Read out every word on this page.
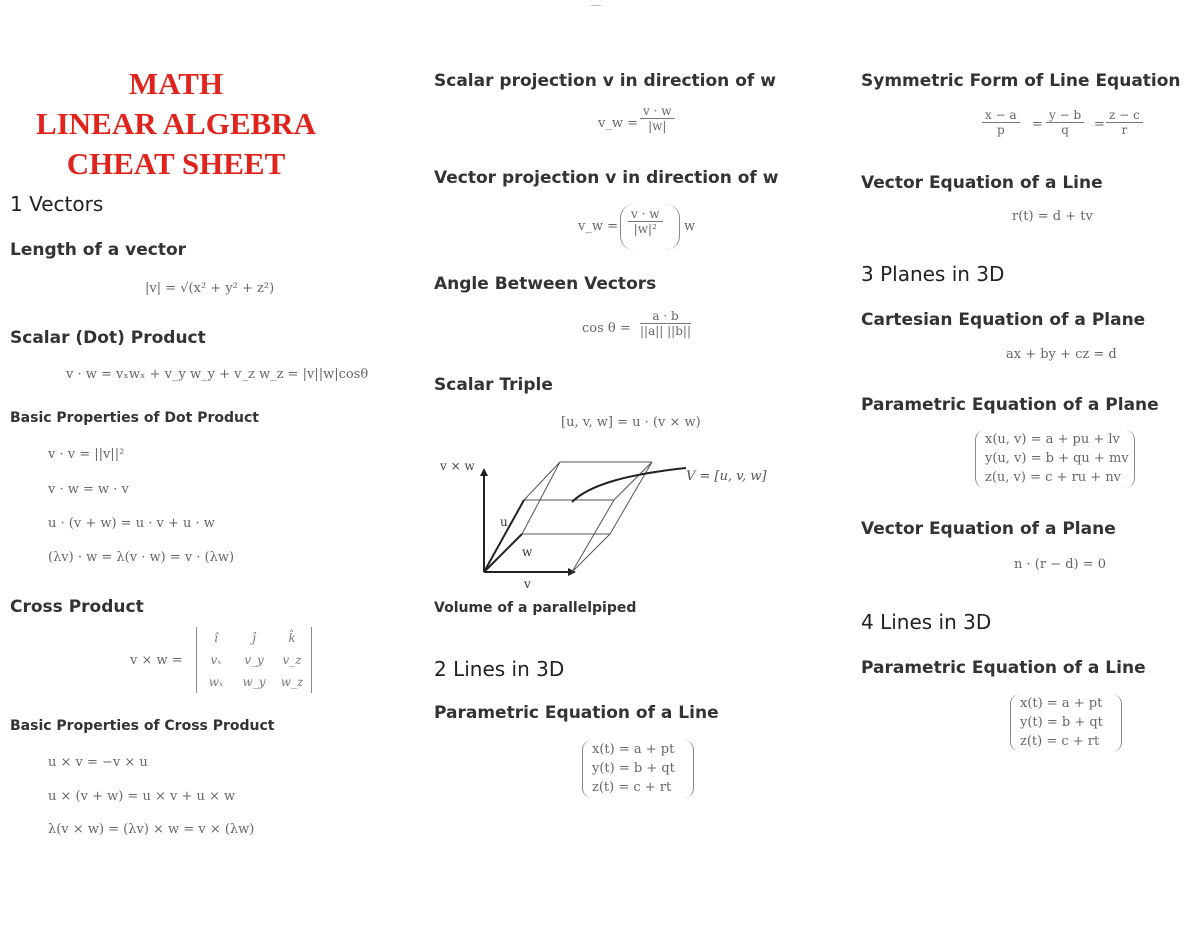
—
MATH
LINEAR ALGEBRA
CHEAT SHEET
1 Vectors
Length of a vector
|v| = √(x² + y² + z²)
Scalar (Dot) Product
v · w = vₓwₓ + v_y w_y + v_z w_z = |v||w|cosθ
Basic Properties of Dot Product
v · v = ||v||²
v · w = w · v
u · (v + w) = u · v + u · w
(λv) · w = λ(v · w) = v · (λw)
Cross Product
v × w =
î	ĵ	k̂
vₓ	v_y	v_z
wₓ	w_y	w_z
Basic Properties of Cross Product
u × v = −v × u
u × (v + w) = u × v + u × w
λ(v × w) = (λv) × w = v × (λw)
Scalar projection v in direction of w
v_w = $\frac{v \cdot w}{|w|}$
Vector projection v in direction of w
v_w = $\frac{v \cdot w}{\text{|w|²}}$ w
Angle Between Vectors
$\cos \theta = \frac{a \cdot b}{||a|| ||b||}$
Scalar Triple
[u, v, w] = u · (v × w)
v × w
V = [u, v, w]
u
w
v
Volume of a parallelpiped
2 Lines in 3D
Parametric Equation of a Line
x(t) = a + pt
y(t) = b + qt
z(t) = c + rt
Symmetric Form of Line Equation
$\frac{x - a}{p} = \frac{y - b}{q} = \frac{z - c}{r}$
Vector Equation of a Line
r(t) = d + tv
3 Planes in 3D
Cartesian Equation of a Plane
ax + by + cz = d
Parametric Equation of a Plane
x(u, v) = a + pu + lv
y(u, v) = b + qu + mv
z(u, v) = c + ru + nv
Vector Equation of a Plane
n · (r − d) = 0
4 Lines in 3D
Parametric Equation of a Line
x(t) = a + pt
y(t) = b + qt
z(t) = c + rt
